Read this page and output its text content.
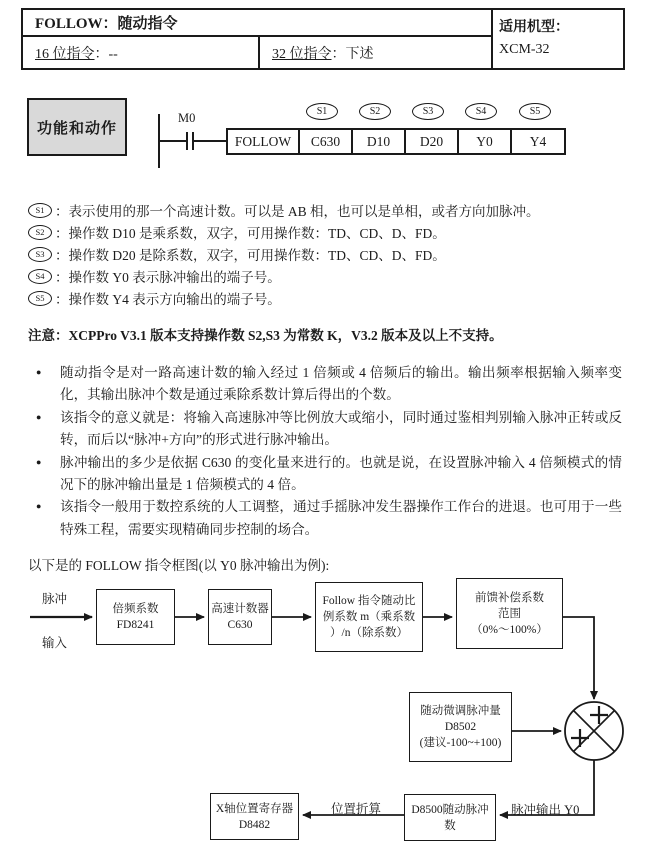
FOLLOW：随动指令
16 位指令 ：--	32 位指令 ：下述
适用机型：
XCM-32
功能和动作
M0
FOLLOW	C630	D10	D20	Y0	Y4
S1	S2	S3	S4	S5
S1 ：表示使用的那一个高速计数。可以是 AB 相，也可以是单相，或者方向加脉冲。
S2 ：操作数 D10 是乘系数，双字，可用操作数：TD、CD、D、FD。
S3 ：操作数 D20 是除系数，双字，可用操作数：TD、CD、D、FD。
S4 ：操作数 Y0 表示脉冲输出的端子号。
S5 ：操作数 Y4 表示方向输出的端子号。
注意：XCPPro V3.1 版本支持操作数 S2,S3 为常数 K，V3.2 版本及以上不支持。
● 随动指令是对一路高速计数的输入经过 1 倍频或 4 倍频后的输出。输出频率根据输入频率变化，其输出脉冲个数是通过乘除系数计算后得出的个数。
● 该指令的意义就是：将输入高速脉冲等比例放大或缩小，同时通过鉴相判别输入脉冲正转或反转，而后以“脉冲+方向”的形式进行脉冲输出。
● 脉冲输出的多少是依据 C630 的变化量来进行的。也就是说，在设置脉冲输入 4 倍频模式的情况下的脉冲输出量是 1 倍频模式的 4 倍。
● 该指令一般用于数控系统的人工调整，通过手摇脉冲发生器操作工作台的进退。也可用于一些特殊工程，需要实现精确同步控制的场合。
以下是的 FOLLOW 指令框图(以 Y0 脉冲输出为例):
脉冲
输入
倍频系数
FD8241
高速计数器
C630
Follow 指令随动比
例系数 m（乘系数
）/n（除系数）
前馈补偿系数
范围
（0%～100%）
随动微调脉冲量
D8502
(建议-100~+100)
D8500随动脉冲
数
X轴位置寄存器
D8482
位置折算	脉冲输出 Y0
